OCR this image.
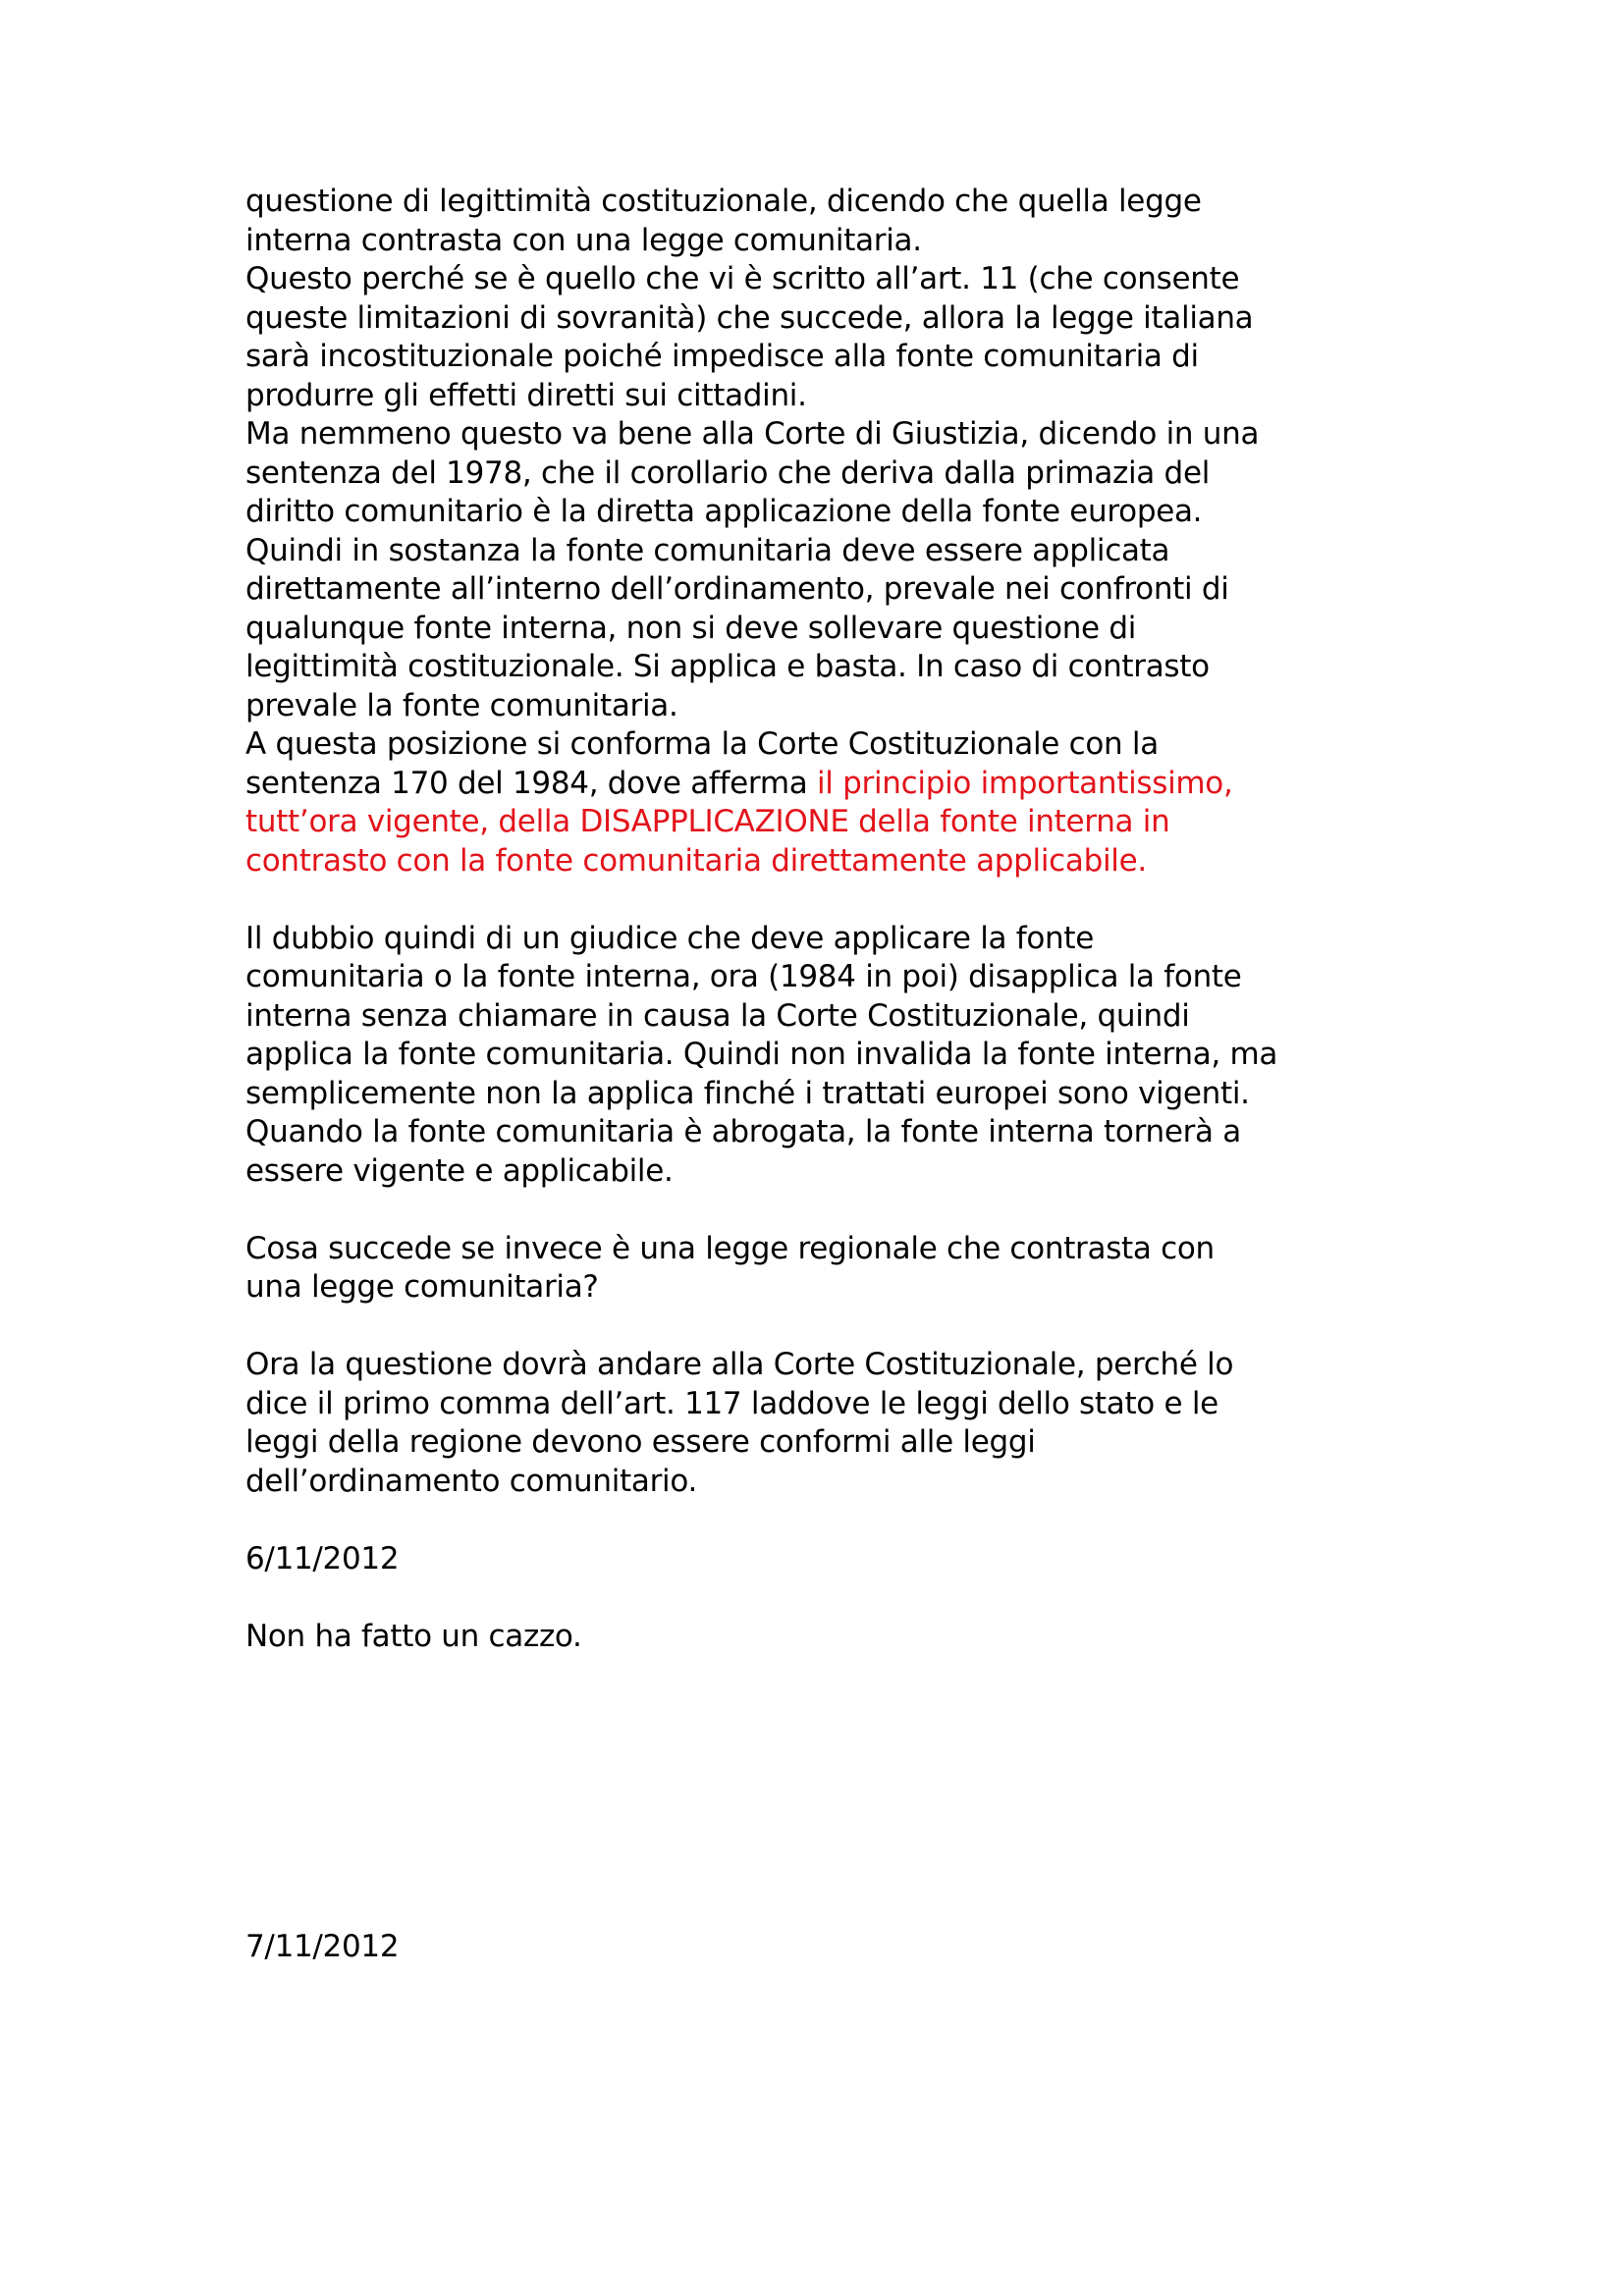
questione di legittimità costituzionale, dicendo che quella legge
interna contrasta con una legge comunitaria.
Questo perché se è quello che vi è scritto all’art. 11 (che consente
queste limitazioni di sovranità) che succede, allora la legge italiana
sarà incostituzionale poiché impedisce alla fonte comunitaria di
produrre gli effetti diretti sui cittadini.
Ma nemmeno questo va bene alla Corte di Giustizia, dicendo in una
sentenza del 1978, che il corollario che deriva dalla primazia del
diritto comunitario è la diretta applicazione della fonte europea.
Quindi in sostanza la fonte comunitaria deve essere applicata
direttamente all’interno dell’ordinamento, prevale nei confronti di
qualunque fonte interna, non si deve sollevare questione di
legittimità costituzionale. Si applica e basta. In caso di contrasto
prevale la fonte comunitaria.
A questa posizione si conforma la Corte Costituzionale con la
sentenza 170 del 1984, dove afferma il principio importantissimo,
tutt’ora vigente, della DISAPPLICAZIONE della fonte interna in
contrasto con la fonte comunitaria direttamente applicabile.
Il dubbio quindi di un giudice che deve applicare la fonte
comunitaria o la fonte interna, ora (1984 in poi) disapplica la fonte
interna senza chiamare in causa la Corte Costituzionale, quindi
applica la fonte comunitaria. Quindi non invalida la fonte interna, ma
semplicemente non la applica finché i trattati europei sono vigenti.
Quando la fonte comunitaria è abrogata, la fonte interna tornerà a
essere vigente e applicabile.
Cosa succede se invece è una legge regionale che contrasta con
una legge comunitaria?
Ora la questione dovrà andare alla Corte Costituzionale, perché lo
dice il primo comma dell’art. 117 laddove le leggi dello stato e le
leggi della regione devono essere conformi alle leggi
dell’ordinamento comunitario.
6/11/2012
Non ha fatto un cazzo.
7/11/2012
